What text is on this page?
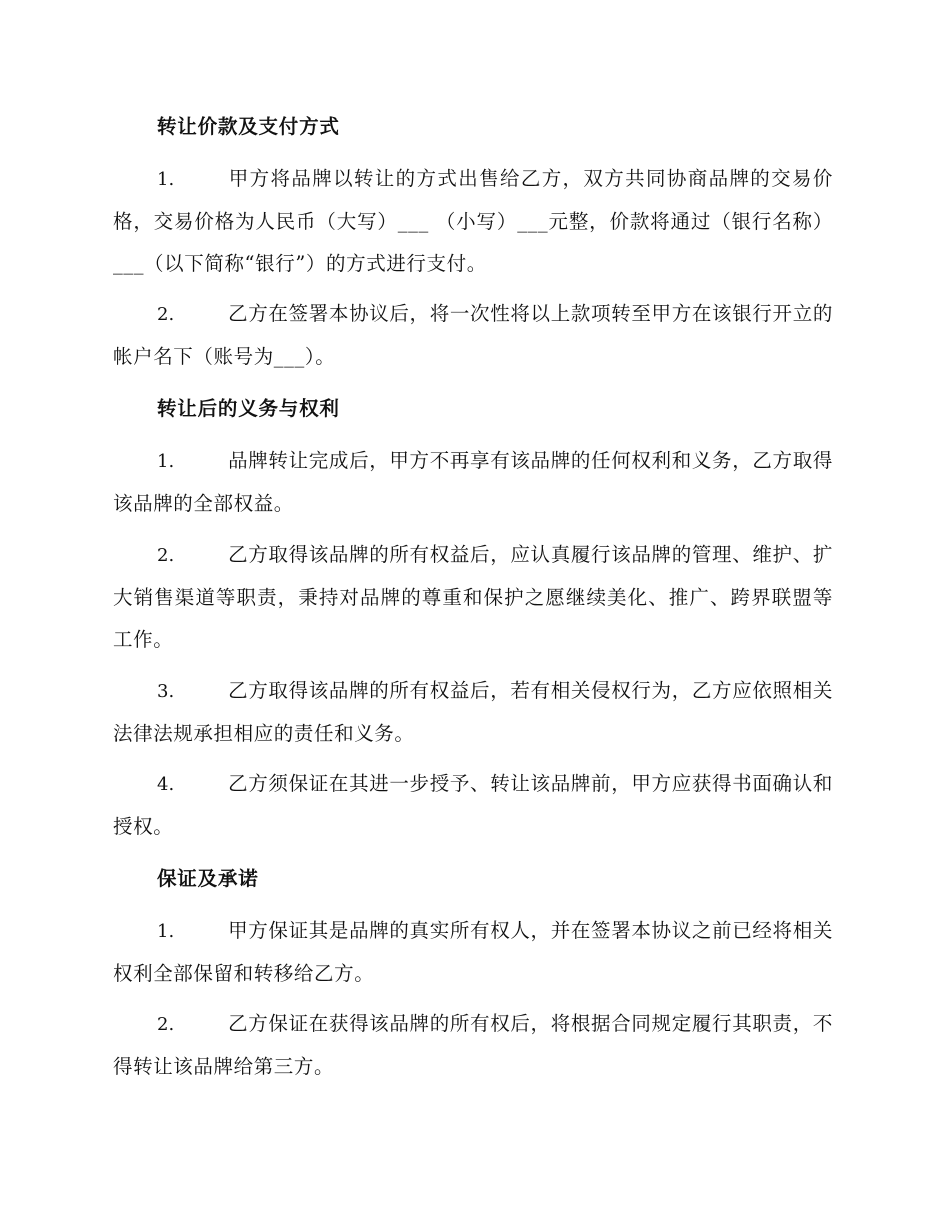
转让价款及支付方式
1.	甲方将品牌以转让的方式出售给乙方，双方共同协商品牌的交易价格，交易价格为人民币（大写）___ （小写）___元整，价款将通过（银行名称）___（以下简称“银行”）的方式进行支付。
2.	乙方在签署本协议后，将一次性将以上款项转至甲方在该银行开立的帐户名下（账号为___）。
转让后的义务与权利
1.	品牌转让完成后，甲方不再享有该品牌的任何权利和义务，乙方取得该品牌的全部权益。
2.	乙方取得该品牌的所有权益后，应认真履行该品牌的管理、维护、扩大销售渠道等职责，秉持对品牌的尊重和保护之愿继续美化、推广、跨界联盟等工作。
3.	乙方取得该品牌的所有权益后，若有相关侵权行为，乙方应依照相关法律法规承担相应的责任和义务。
4.	乙方须保证在其进一步授予、转让该品牌前，甲方应获得书面确认和授权。
保证及承诺
1.	甲方保证其是品牌的真实所有权人，并在签署本协议之前已经将相关权利全部保留和转移给乙方。
2.	乙方保证在获得该品牌的所有权后，将根据合同规定履行其职责，不得转让该品牌给第三方。
